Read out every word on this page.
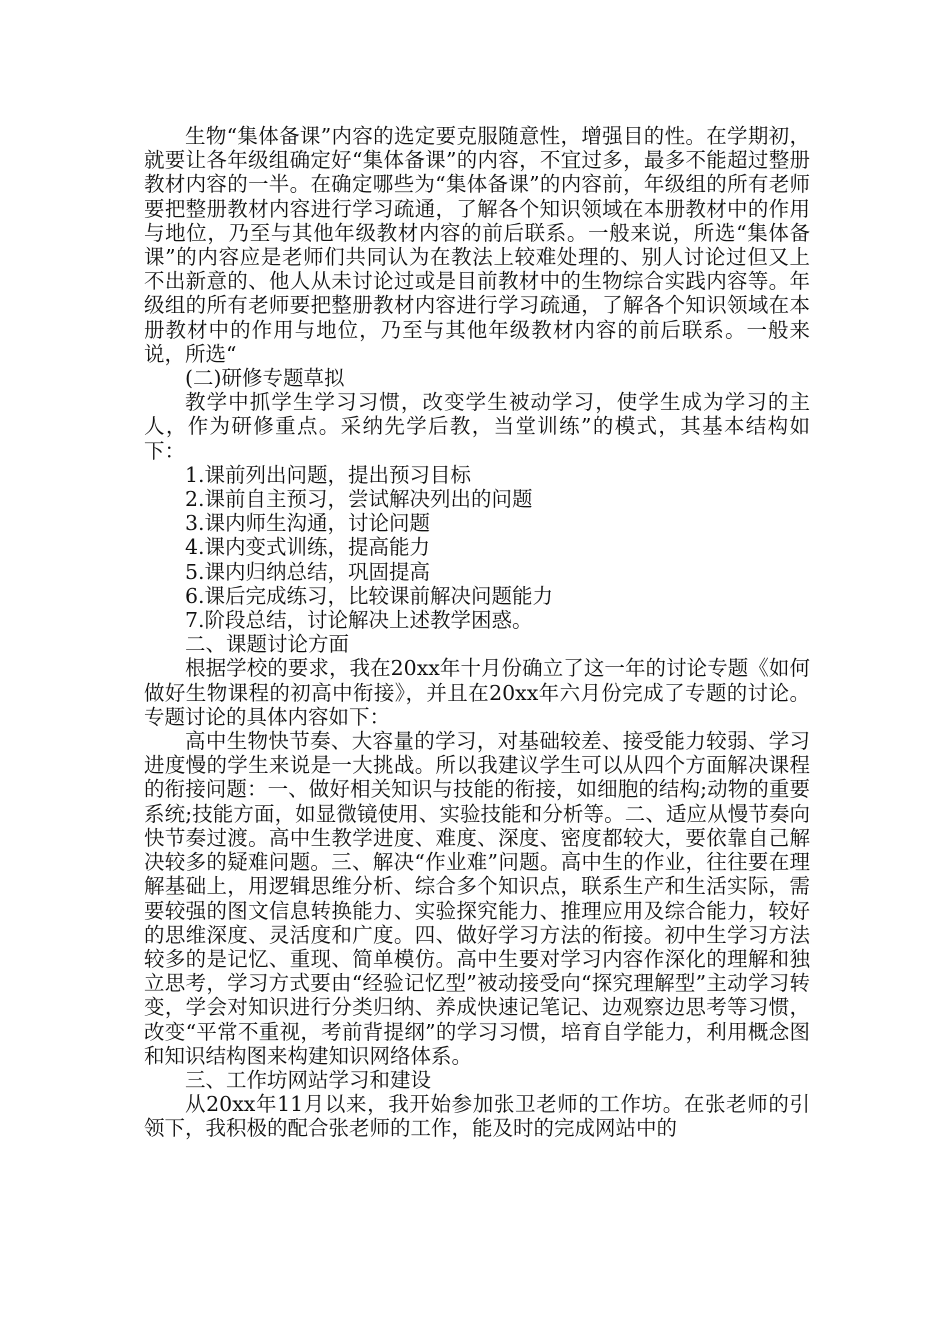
生物“集体备课”内容的选定要克服随意性，增强目的性。在学期初，就要让各年级组确定好“集体备课”的内容，不宜过多，最多不能超过整册教材内容的一半。在确定哪些为“集体备课”的内容前，年级组的所有老师要把整册教材内容进行学习疏通，了解各个知识领域在本册教材中的作用与地位，乃至与其他年级教材内容的前后联系。一般来说，所选“集体备课”的内容应是老师们共同认为在教法上较难处理的、别人讨论过但又上不出新意的、他人从未讨论过或是目前教材中的生物综合实践内容等。年级组的所有老师要把整册教材内容进行学习疏通，了解各个知识领域在本册教材中的作用与地位，乃至与其他年级教材内容的前后联系。一般来说，所选“

(二)研修专题草拟

教学中抓学生学习习惯，改变学生被动学习，使学生成为学习的主人，作为研修重点。采纳先学后教，当堂训练”的模式，其基本结构如下：

1.课前列出问题，提出预习目标

2.课前自主预习，尝试解决列出的问题

3.课内师生沟通，讨论问题

4.课内变式训练，提高能力

5.课内归纳总结，巩固提高

6.课后完成练习，比较课前解决问题能力

7.阶段总结，讨论解决上述教学困惑。

二、课题讨论方面

根据学校的要求，我在20xx年十月份确立了这一年的讨论专题《如何做好生物课程的初高中衔接》，并且在20xx年六月份完成了专题的讨论。专题讨论的具体内容如下：

高中生物快节奏、大容量的学习，对基础较差、接受能力较弱、学习进度慢的学生来说是一大挑战。所以我建议学生可以从四个方面解决课程的衔接问题：一、做好相关知识与技能的衔接，如细胞的结构;动物的重要系统;技能方面，如显微镜使用、实验技能和分析等。二、适应从慢节奏向快节奏过渡。高中生教学进度、难度、深度、密度都较大，要依靠自己解决较多的疑难问题。三、解决“作业难”问题。高中生的作业，往往要在理解基础上，用逻辑思维分析、综合多个知识点，联系生产和生活实际，需要较强的图文信息转换能力、实验探究能力、推理应用及综合能力，较好的思维深度、灵活度和广度。四、做好学习方法的衔接。初中生学习方法较多的是记忆、重现、简单模仿。高中生要对学习内容作深化的理解和独立思考，学习方式要由“经验记忆型”被动接受向“探究理解型”主动学习转变，学会对知识进行分类归纳、养成快速记笔记、边观察边思考等习惯，改变“平常不重视，考前背提纲”的学习习惯，培育自学能力，利用概念图和知识结构图来构建知识网络体系。

三、工作坊网站学习和建设

从20xx年11月以来，我开始参加张卫老师的工作坊。在张老师的引领下，我积极的配合张老师的工作，能及时的完成网站中的
